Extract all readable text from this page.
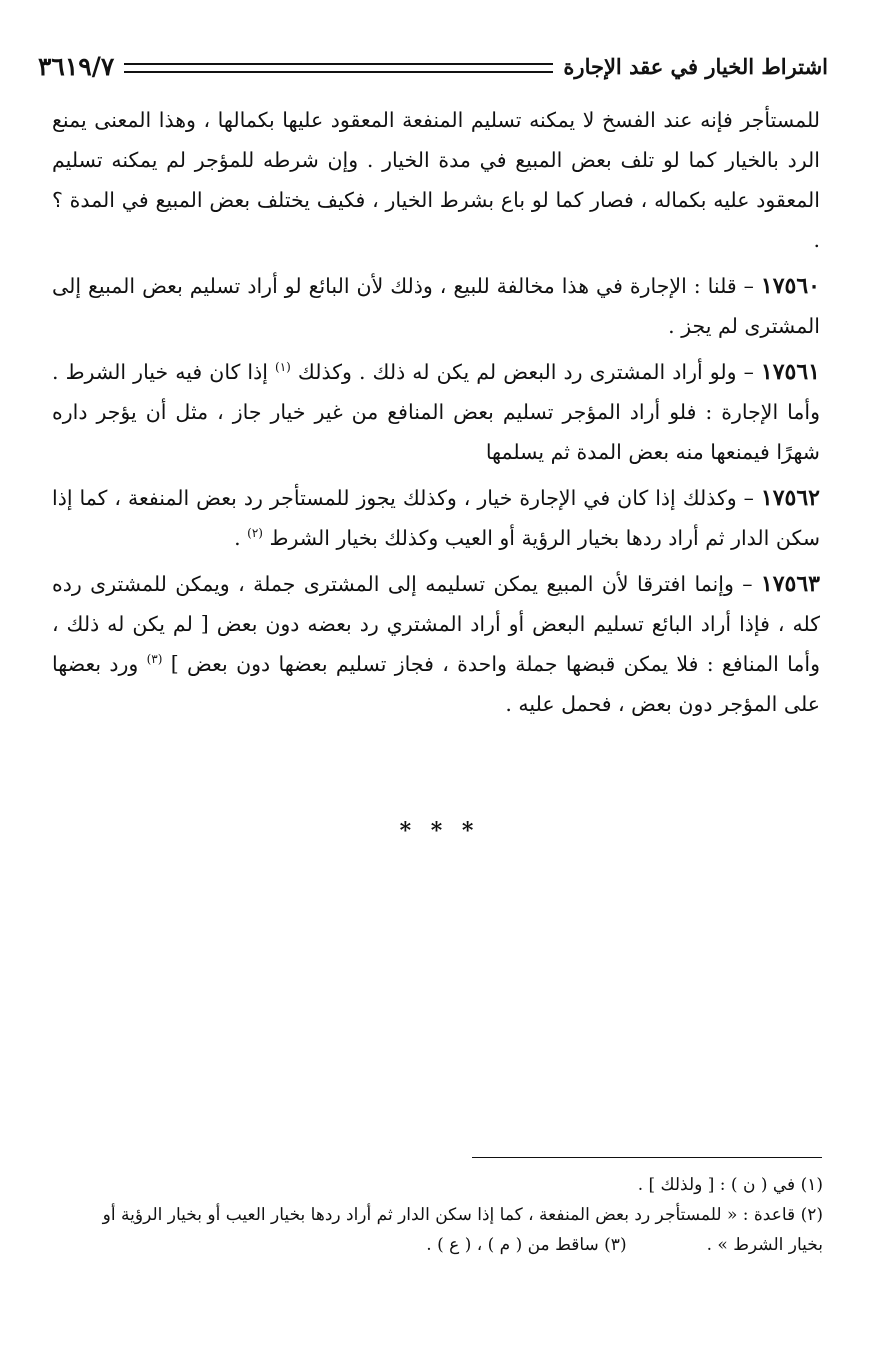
اشتراط الخيار في عقد الإجارة
٣٦١٩/٧

للمستأجر فإنه عند الفسخ لا يمكنه تسليم المنفعة المعقود عليها بكمالها ، وهذا المعنى يمنع الرد بالخيار كما لو تلف بعض المبيع في مدة الخيار . وإن شرطه للمؤجر لم يمكنه تسليم المعقود عليه بكماله ، فصار كما لو باع بشرط الخيار ، فكيف يختلف بعض المبيع في المدة ؟ .

١٧٥٦٠ – قلنا : الإجارة في هذا مخالفة للبيع ، وذلك لأن البائع لو أراد تسليم بعض المبيع إلى المشترى لم يجز .

١٧٥٦١ – ولو أراد المشترى رد البعض لم يكن له ذلك . وكذلك $^{(١)}$ إذا كان فيه خيار الشرط . وأما الإجارة : فلو أراد المؤجر تسليم بعض المنافع من غير خيار جاز ، مثل أن يؤجر داره شهرًا فيمنعها منه بعض المدة ثم يسلمها

١٧٥٦٢ – وكذلك إذا كان في الإجارة خيار ، وكذلك يجوز للمستأجر رد بعض المنفعة ، كما إذا سكن الدار ثم أراد ردها بخيار الرؤية أو العيب وكذلك بخيار الشرط $^{(٢)}$ .

١٧٥٦٣ – وإنما افترقا لأن المبيع يمكن تسليمه إلى المشترى جملة ، ويمكن للمشترى رده كله ، فإذا أراد البائع تسليم البعض أو أراد المشتري رد بعضه دون بعض [ لم يكن له ذلك ، وأما المنافع : فلا يمكن قبضها جملة واحدة ، فجاز تسليم بعضها دون بعض ] $^{(٣)}$ ورد بعضها على المؤجر دون بعض ، فحمل عليه .

* * *

(١) في ( ن ) : [ ولذلك ] .

(٢) قاعدة : « للمستأجر رد بعض المنفعة ، كما إذا سكن الدار ثم أراد ردها بخيار العيب أو بخيار الرؤية أو

بخيار الشرط » .
(٣) ساقط من ( م ) ، ( ع ) .
